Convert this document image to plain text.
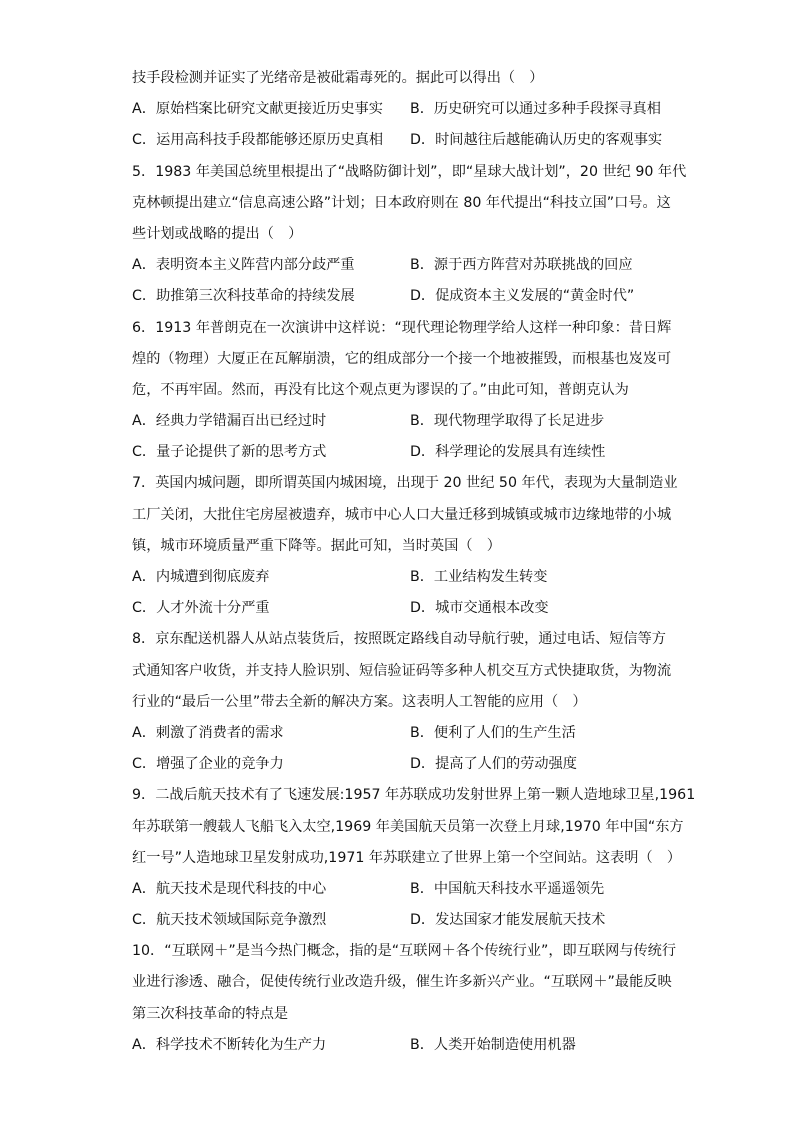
技手段检测并证实了光绪帝是被砒霜毒死的。据此可以得出（　）
A．原始档案比研究文献更接近历史事实	B．历史研究可以通过多种手段探寻真相
C．运用高科技手段都能够还原历史真相	D．时间越往后越能确认历史的客观事实
5．1983 年美国总统里根提出了“战略防御计划”，即“星球大战计划”，20 世纪 90 年代
克林顿提出建立“信息高速公路”计划；日本政府则在 80 年代提出“科技立国”口号。这
些计划或战略的提出（　）
A．表明资本主义阵营内部分歧严重	B．源于西方阵营对苏联挑战的回应
C．助推第三次科技革命的持续发展	D．促成资本主义发展的“黄金时代”
6．1913 年普朗克在一次演讲中这样说：“现代理论物理学给人这样一种印象：昔日辉
煌的（物理）大厦正在瓦解崩溃，它的组成部分一个接一个地被摧毁，而根基也岌岌可
危，不再牢固。然而，再没有比这个观点更为谬误的了。”由此可知，普朗克认为
A．经典力学错漏百出已经过时	B．现代物理学取得了长足进步
C．量子论提供了新的思考方式	D．科学理论的发展具有连续性
7．英国内城问题，即所谓英国内城困境，出现于 20 世纪 50 年代，表现为大量制造业
工厂关闭，大批住宅房屋被遗弃，城市中心人口大量迁移到城镇或城市边缘地带的小城
镇，城市环境质量严重下降等。据此可知，当时英国（　）
A．内城遭到彻底废弃	B．工业结构发生转变
C．人才外流十分严重	D．城市交通根本改变
8．京东配送机器人从站点装货后，按照既定路线自动导航行驶，通过电话、短信等方
式通知客户收货，并支持人脸识别、短信验证码等多种人机交互方式快捷取货，为物流
行业的“最后一公里”带去全新的解决方案。这表明人工智能的应用（　）
A．刺激了消费者的需求	B．便利了人们的生产生活
C．增强了企业的竞争力	D．提高了人们的劳动强度
9．二战后航天技术有了飞速发展:1957 年苏联成功发射世界上第一颗人造地球卫星,1961
年苏联第一艘载人飞船飞入太空,1969 年美国航天员第一次登上月球,1970 年中国“东方
红一号”人造地球卫星发射成功,1971 年苏联建立了世界上第一个空间站。这表明（　）
A．航天技术是现代科技的中心	B．中国航天科技水平遥遥领先
C．航天技术领域国际竞争激烈	D．发达国家才能发展航天技术
10．“互联网＋”是当今热门概念，指的是“互联网＋各个传统行业”，即互联网与传统行
业进行渗透、融合，促使传统行业改造升级，催生许多新兴产业。“互联网＋”最能反映
第三次科技革命的特点是
A．科学技术不断转化为生产力	B．人类开始制造使用机器
